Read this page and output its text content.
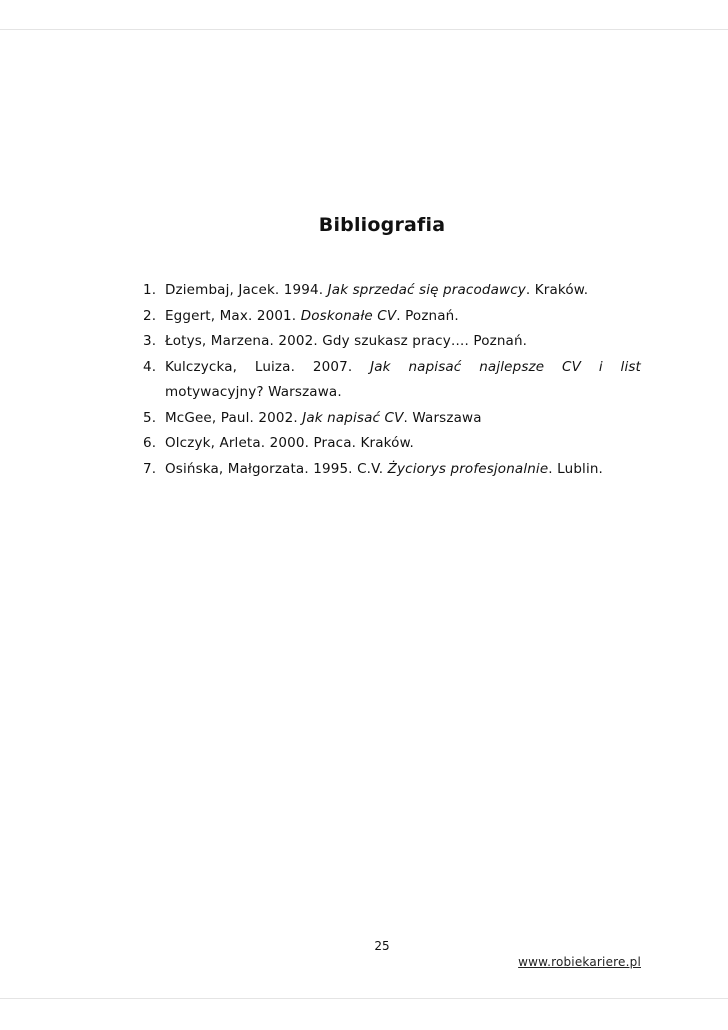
Bibliografia
1. Dziembaj, Jacek. 1994. Jak sprzedać się pracodawcy. Kraków.
2. Eggert, Max. 2001. Doskonałe CV. Poznań.
3. Łotys, Marzena. 2002. Gdy szukasz pracy…. Poznań.
4. Kulczycka, Luiza. 2007. Jak napisać najlepsze CV i list
motywacyjny? Warszawa.
5. McGee, Paul. 2002. Jak napisać CV. Warszawa
6. Olczyk, Arleta. 2000. Praca. Kraków.
7. Osińska, Małgorzata. 1995. C.V. Życiorys profesjonalnie. Lublin.

25

www.robiekariere.pl
